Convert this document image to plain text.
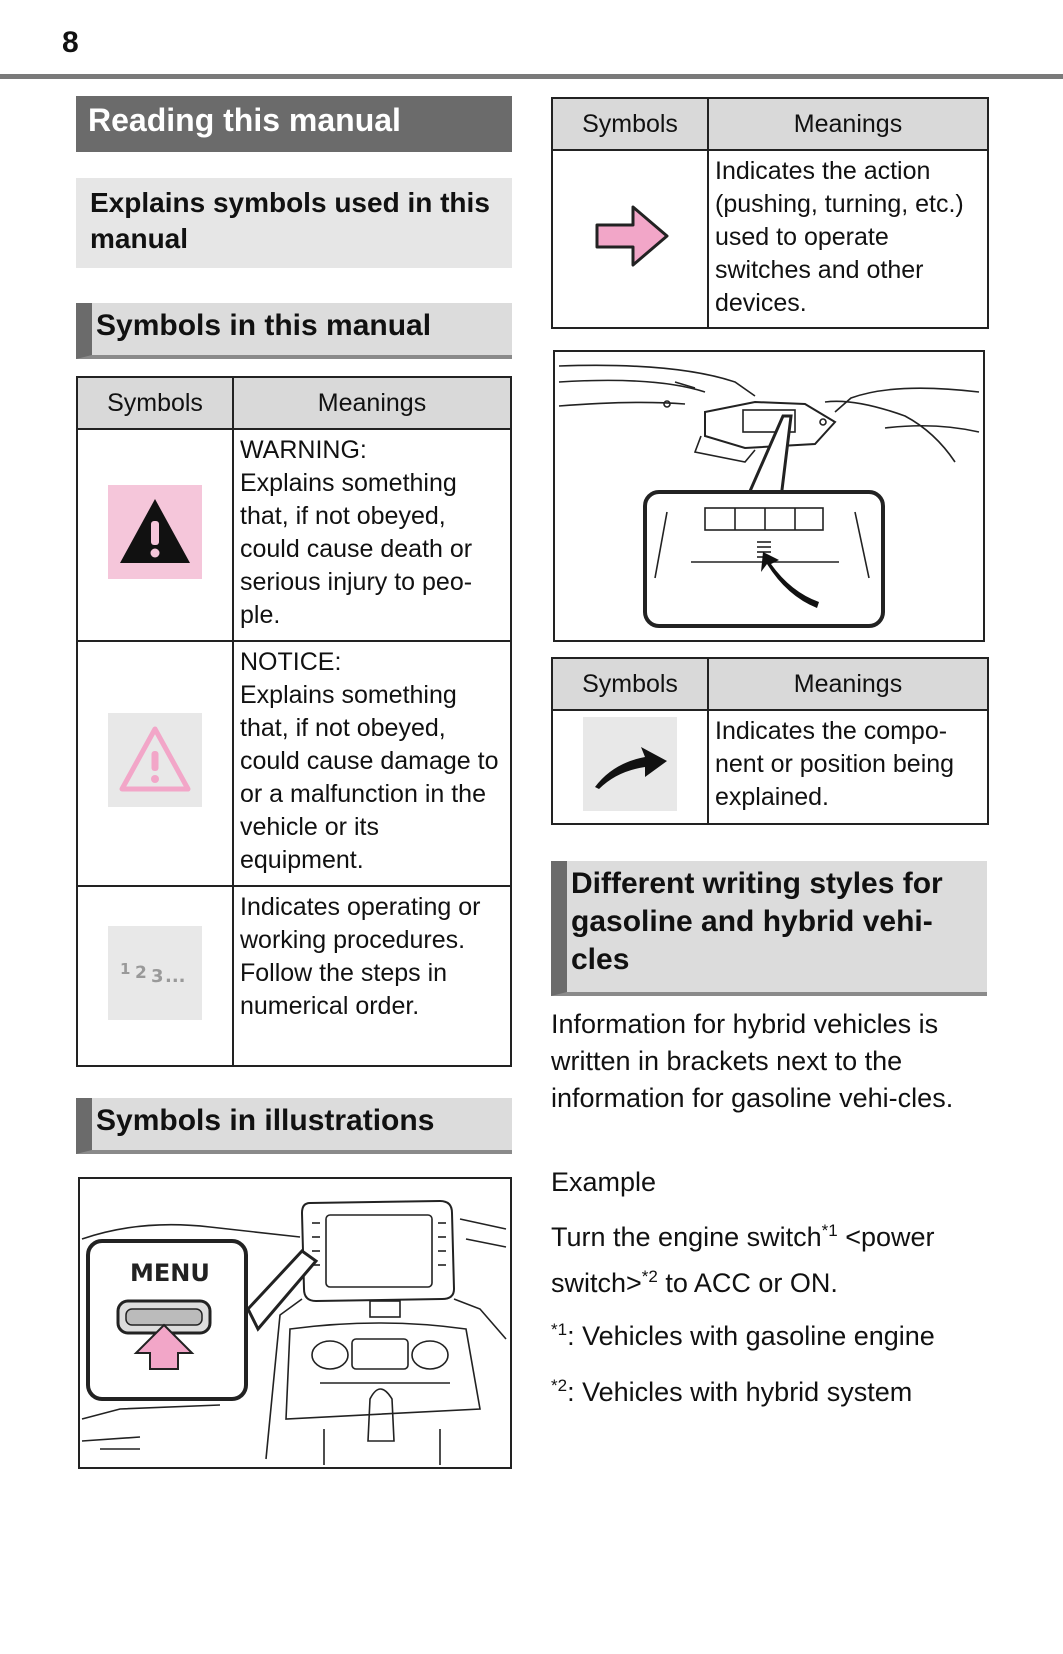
8
Reading this manual
Explains symbols used in this manual
Symbols in this manual
Symbols	Meanings
	WARNING:
Explains something that, if not obeyed, could cause death or serious injury to peo-ple.
	NOTICE:
Explains something that, if not obeyed, could cause damage to or a malfunction in the vehicle or its equipment.

1 2 3 ...	Indicates operating or working procedures. Follow the steps in numerical order.
Symbols in illustrations
MENU
Symbols	Meanings
	Indicates the action (pushing, turning, etc.) used to operate switches and other devices.
Symbols	Meanings
	Indicates the compo-nent or position being explained.
Different writing styles for gasoline and hybrid vehi-cles
Information for hybrid vehicles is written in brackets next to the information for gasoline vehi-cles.
Example
Turn the engine switch$^{*1}$ <power switch>$^{*2}$ to ACC or ON.
$^{*1}$: Vehicles with gasoline engine
$^{*2}$: Vehicles with hybrid system
